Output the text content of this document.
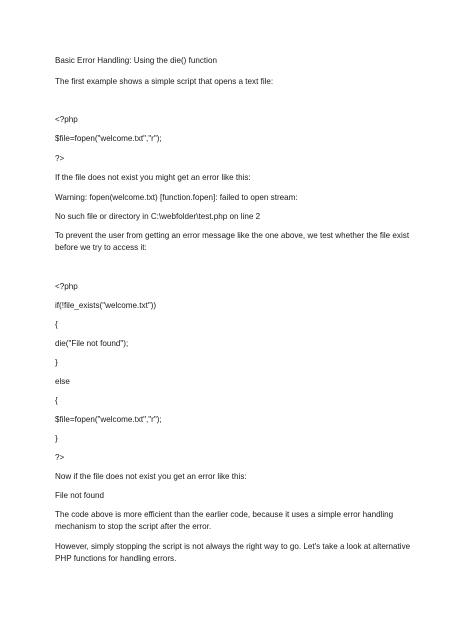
Basic Error Handling: Using the die() function
The first example shows a simple script that opens a text file:
<?php
$file=fopen("welcome.txt","r");
?>
If the file does not exist you might get an error like this:
Warning: fopen(welcome.txt) [function.fopen]: failed to open stream:
No such file or directory in C:\webfolder\test.php on line 2
To prevent the user from getting an error message like the one above, we test whether the file exist
before we try to access it:
<?php
if(!file_exists("welcome.txt"))
{
die("File not found");
}
else
{
$file=fopen("welcome.txt","r");
}
?>
Now if the file does not exist you get an error like this:
File not found
The code above is more efficient than the earlier code, because it uses a simple error handling
mechanism to stop the script after the error.
However, simply stopping the script is not always the right way to go. Let's take a look at alternative
PHP functions for handling errors.
